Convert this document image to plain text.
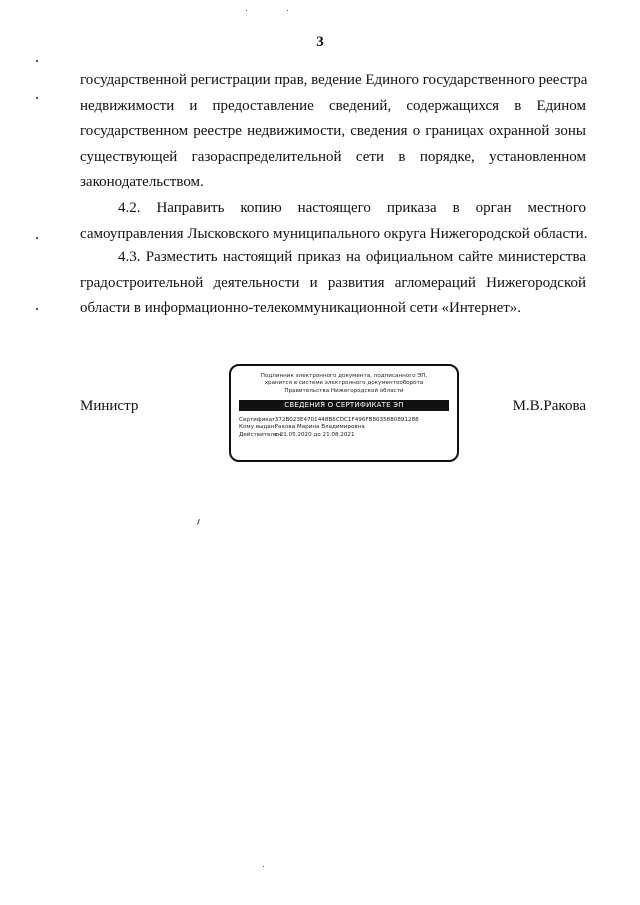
3
государственной регистрации прав, ведение Единого государственного реестра
недвижимости и предоставление сведений, содержащихся в Едином
государственном реестре недвижимости, сведения о границах охранной зоны
существующей газораспределительной сети в порядке, установленном
законодательством.
4.2. Направить копию настоящего приказа в орган местного
самоуправления Лысковского муниципального округа Нижегородской области.
4.3. Разместить настоящий приказ на официальном сайте министерства
градостроительной деятельности и развития агломераций Нижегородской
области в информационно-телекоммуникационной сети «Интернет».
Министр	М.В.Ракова
Подлинник электронного документа, подписанного ЭП,
хранится в системе электронного документооборота
Правительства Нижегородской области
СВЕДЕНИЯ О СЕРТИФИКАТЕ ЭП
Сертификат: 372B023E4701448B6CDC1F496FB8035880891288
Кому выдан: Ракова Марина Владимировна
Действителен: с 21.05.2020 до 21.08.2021
